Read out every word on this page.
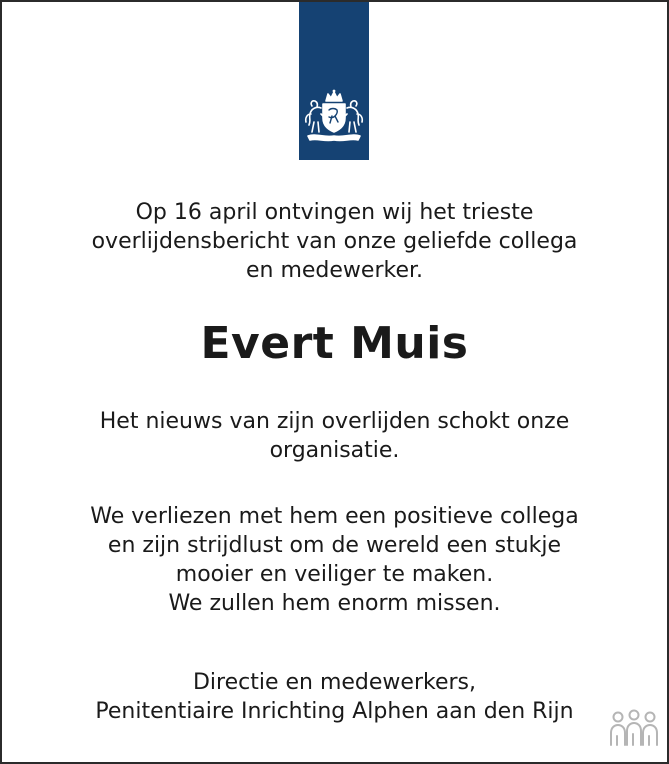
Op 16 april ontvingen wij het trieste
overlijdensbericht van onze geliefde collega
en medewerker.

Evert Muis

Het nieuws van zijn overlijden schokt onze
organisatie.

We verliezen met hem een positieve collega
en zijn strijdlust om de wereld een stukje
mooier en veiliger te maken.
We zullen hem enorm missen.

Directie en medewerkers,
Penitentiaire Inrichting Alphen aan den Rijn
